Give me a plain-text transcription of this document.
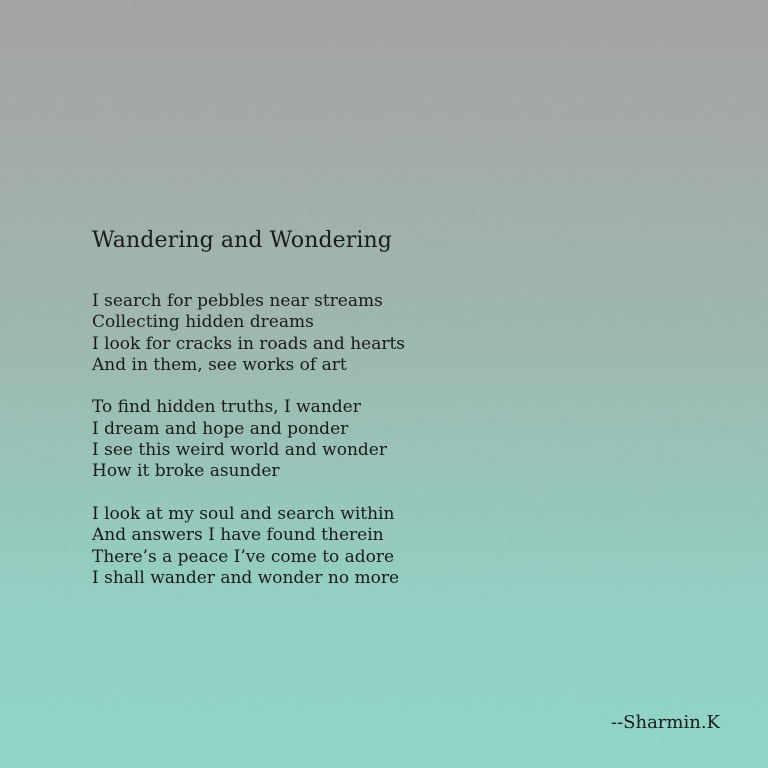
Wandering and Wondering
I search for pebbles near streams
Collecting hidden dreams
I look for cracks in roads and hearts
And in them, see works of art
To find hidden truths, I wander
I dream and hope and ponder
I see this weird world and wonder
How it broke asunder
I look at my soul and search within
And answers I have found therein
There’s a peace I’ve come to adore
I shall wander and wonder no more

--Sharmin.K
